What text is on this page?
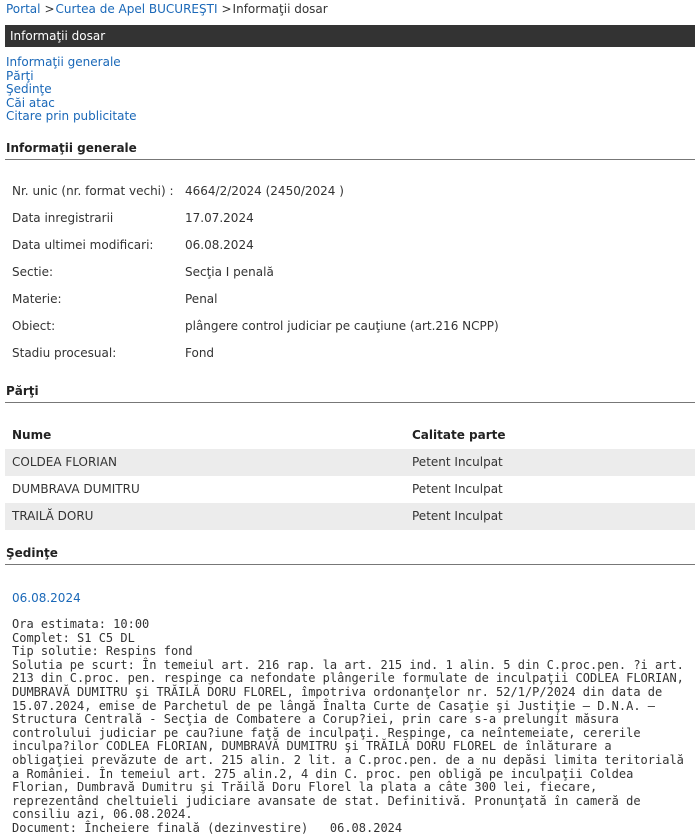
Portal >Curtea de Apel BUCUREŞTI >Informaţii dosar
Informaţii dosar
Informaţii generale
Părţi
Şedinţe
Căi atac
Citare prin publicitate
Informaţii generale
Nr. unic (nr. format vechi) : 4664/2/2024 (2450/2024 )
Data inregistrarii	17.07.2024
Data ultimei modificari:	06.08.2024
Sectie:	Secţia I penală
Materie:	Penal
Obiect:	plângere control judiciar pe cauţiune (art.216 NCPP)
Stadiu procesual:	Fond
Părţi
Nume	Calitate parte
COLDEA FLORIAN	Petent Inculpat
DUMBRAVA DUMITRU	Petent Inculpat
TRAILĂ DORU	Petent Inculpat
Şedinţe
06.08.2024
Ora estimata: 10:00
Complet: S1 C5 DL
Tip solutie: Respins fond
Solutia pe scurt: În temeiul art. 216 rap. la art. 215 ind. 1 alin. 5 din C.proc.pen. ?i art. 213 din C.proc. pen. respinge ca nefondate plângerile formulate de inculpaţii CODLEA FLORIAN, DUMBRAVĂ DUMITRU şi TRĂILĂ DORU FLOREL, împotriva ordonanţelor nr. 52/1/P/2024 din data de 15.07.2024, emise de Parchetul de pe lângă Înalta Curte de Casaţie şi Justiţie – D.N.A. – Structura Centrală - Secţia de Combatere a Corup?iei, prin care s-a prelungit măsura controlului judiciar pe cau?iune faţă de inculpaţi. Respinge, ca neîntemeiate, cererile inculpa?ilor CODLEA FLORIAN, DUMBRAVĂ DUMITRU şi TRĂILĂ DORU FLOREL de înlăturare a obligaţiei prevăzute de art. 215 alin. 2 lit. a C.proc.pen. de a nu depăsi limita teritorială a României. În temeiul art. 275 alin.2, 4 din C. proc. pen obligă pe inculpaţii Coldea Florian, Dumbravă Dumitru şi Trăilă Doru Florel la plata a câte 300 lei, fiecare, reprezentând cheltuieli judiciare avansate de stat. Definitivă. Pronunţată în cameră de consiliu azi, 06.08.2024.
Document: Încheiere finală (dezinvestire)   06.08.2024
